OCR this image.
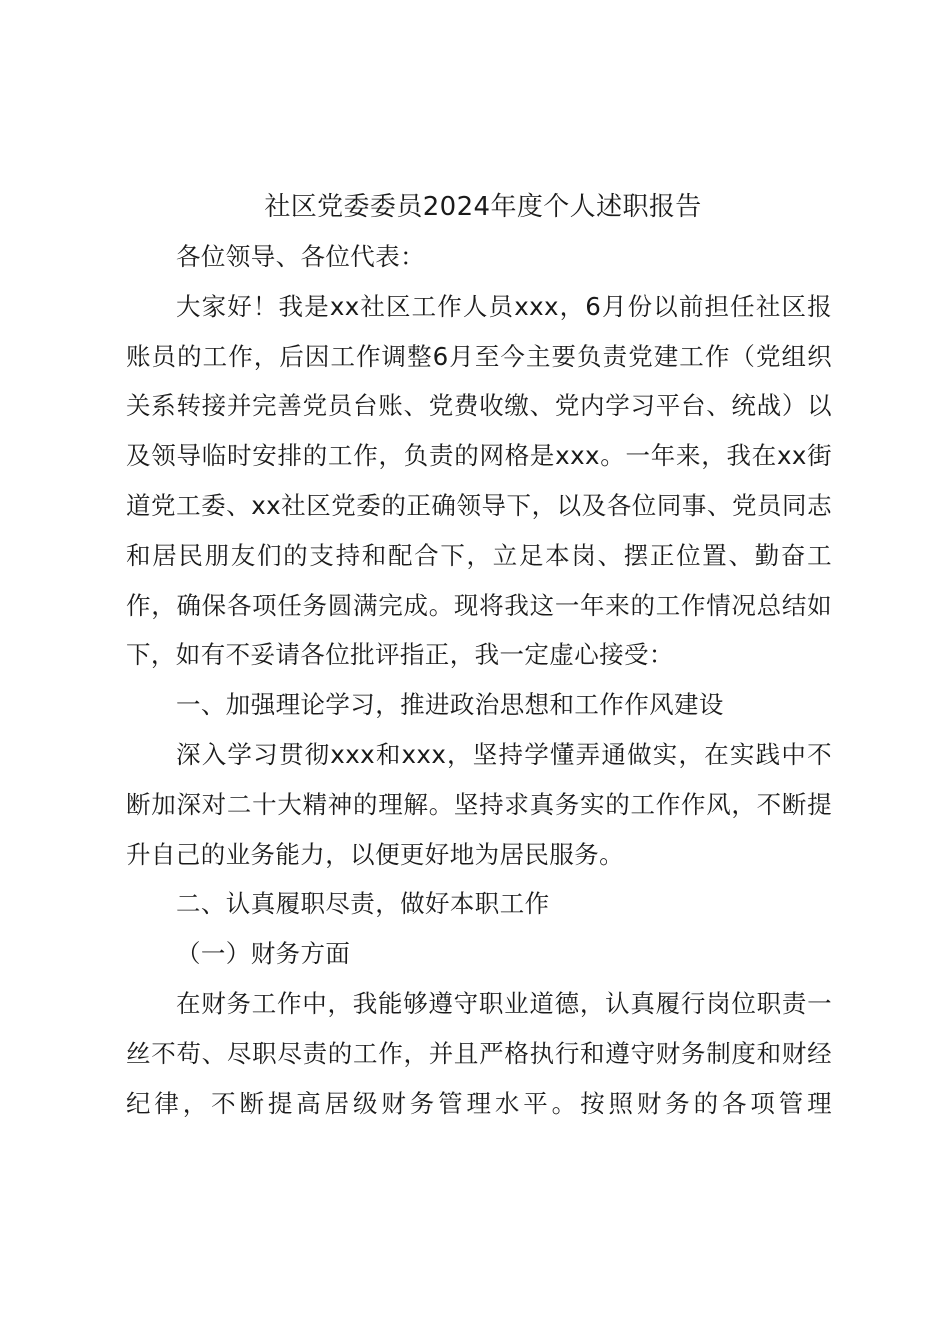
社区党委委员2024年度个人述职报告

各位领导、各位代表：

大家好！我是xx社区工作人员xxx，6月份以前担任社区报账员的工作，后因工作调整6月至今主要负责党建工作（党组织关系转接并完善党员台账、党费收缴、党内学习平台、统战）以及领导临时安排的工作，负责的网格是xxx。一年来，我在xx街道党工委、xx社区党委的正确领导下，以及各位同事、党员同志和居民朋友们的支持和配合下，立足本岗、摆正位置、勤奋工作，确保各项任务圆满完成。现将我这一年来的工作情况总结如下，如有不妥请各位批评指正，我一定虚心接受：

一、加强理论学习，推进政治思想和工作作风建设

深入学习贯彻xxx和xxx，坚持学懂弄通做实，在实践中不断加深对二十大精神的理解。坚持求真务实的工作作风，不断提升自己的业务能力，以便更好地为居民服务。

二、认真履职尽责，做好本职工作

（一）财务方面

在财务工作中，我能够遵守职业道德，认真履行岗位职责一丝不苟、尽职尽责的工作，并且严格执行和遵守财务制度和财经纪律，不断提高居级财务管理水平。按照财务的各项管理
